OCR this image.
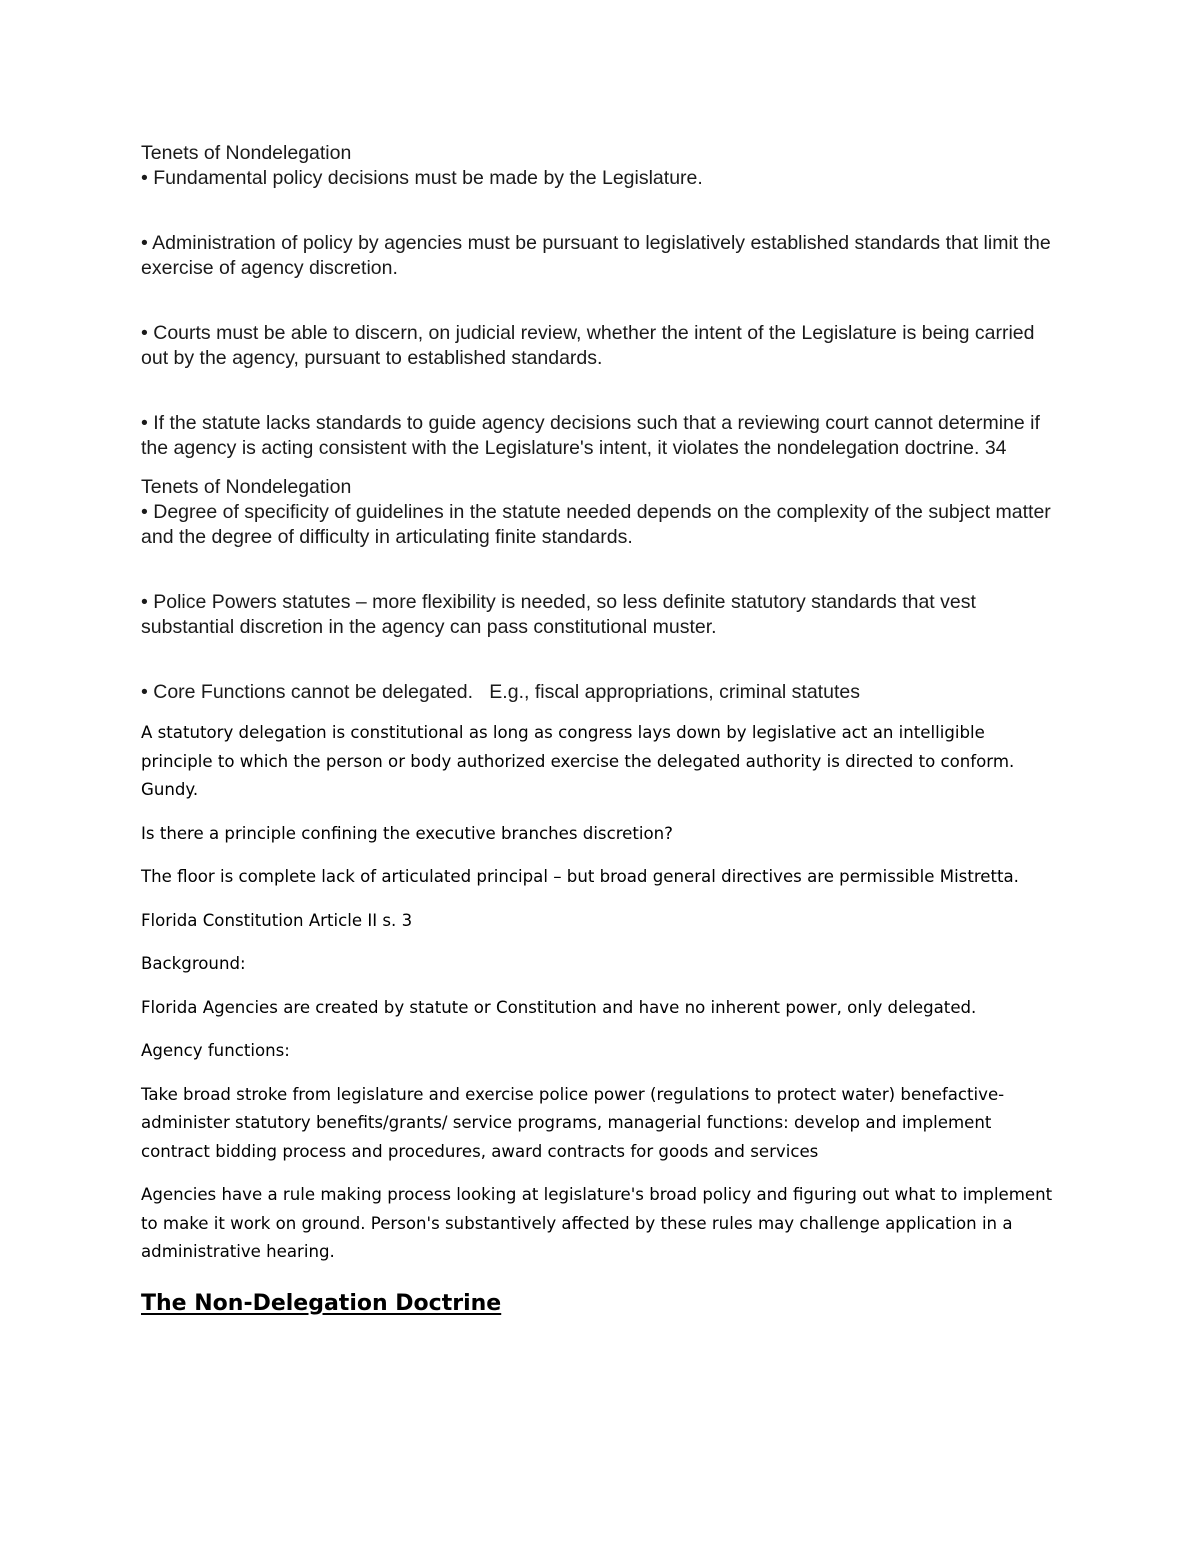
Tenets of Nondelegation

• Fundamental policy decisions must be made by the Legislature.

• Administration of policy by agencies must be pursuant to legislatively established standards that limit the exercise of agency discretion.

• Courts must be able to discern, on judicial review, whether the intent of the Legislature is being carried out by the agency, pursuant to established standards.

• If the statute lacks standards to guide agency decisions such that a reviewing court cannot determine if the agency is acting consistent with the Legislature's intent, it violates the nondelegation doctrine. 34

Tenets of Nondelegation

• Degree of specificity of guidelines in the statute needed depends on the complexity of the subject matter and the degree of difficulty in articulating finite standards.

• Police Powers statutes – more flexibility is needed, so less definite statutory standards that vest substantial discretion in the agency can pass constitutional muster.

• Core Functions cannot be delegated.   E.g., fiscal appropriations, criminal statutes

A statutory delegation is constitutional as long as congress lays down by legislative act an intelligible principle to which the person or body authorized exercise the delegated authority is directed to conform. Gundy.

Is there a principle confining the executive branches discretion?

The floor is complete lack of articulated principal – but broad general directives are permissible Mistretta.

Florida Constitution Article II s. 3

Background:

Florida Agencies are created by statute or Constitution and have no inherent power, only delegated.

Agency functions:

Take broad stroke from legislature and exercise police power (regulations to protect water) benefactive-administer statutory benefits/grants/ service programs, managerial functions: develop and implement contract bidding process and procedures, award contracts for goods and services

Agencies have a rule making process looking at legislature's broad policy and figuring out what to implement to make it work on ground. Person's substantively affected by these rules may challenge application in a administrative hearing.

The Non-Delegation Doctrine
